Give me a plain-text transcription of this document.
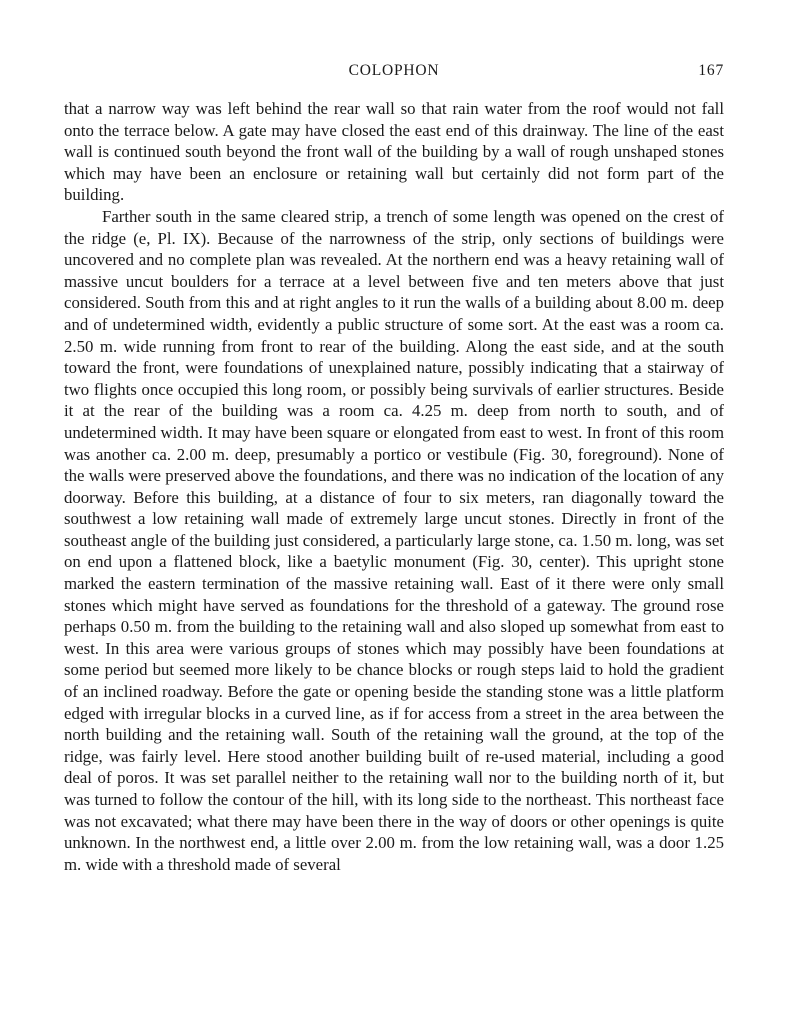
COLOPHON	167

that a narrow way was left behind the rear wall so that rain water from the roof would not fall onto the terrace below. A gate may have closed the east end of this drainway. The line of the east wall is continued south beyond the front wall of the building by a wall of rough unshaped stones which may have been an enclosure or retaining wall but certainly did not form part of the building.

Farther south in the same cleared strip, a trench of some length was opened on the crest of the ridge (e, Pl. IX). Because of the narrowness of the strip, only sections of buildings were uncovered and no complete plan was revealed. At the northern end was a heavy retaining wall of massive uncut boulders for a terrace at a level between five and ten meters above that just considered. South from this and at right angles to it run the walls of a building about 8.00 m. deep and of undetermined width, evidently a public structure of some sort. At the east was a room ca. 2.50 m. wide running from front to rear of the building. Along the east side, and at the south toward the front, were foundations of unexplained nature, possibly indicating that a stairway of two flights once occupied this long room, or possibly being survivals of earlier structures. Beside it at the rear of the building was a room ca. 4.25 m. deep from north to south, and of undetermined width. It may have been square or elongated from east to west. In front of this room was another ca. 2.00 m. deep, presumably a portico or vestibule (Fig. 30, foreground). None of the walls were preserved above the foundations, and there was no indication of the location of any doorway. Before this building, at a distance of four to six meters, ran diagonally toward the southwest a low retaining wall made of extremely large uncut stones. Directly in front of the southeast angle of the building just considered, a particularly large stone, ca. 1.50 m. long, was set on end upon a flattened block, like a baetylic monument (Fig. 30, center). This upright stone marked the eastern termination of the massive retaining wall. East of it there were only small stones which might have served as foundations for the threshold of a gateway. The ground rose perhaps 0.50 m. from the building to the retaining wall and also sloped up somewhat from east to west. In this area were various groups of stones which may possibly have been foundations at some period but seemed more likely to be chance blocks or rough steps laid to hold the gradient of an inclined roadway. Before the gate or opening beside the standing stone was a little platform edged with irregular blocks in a curved line, as if for access from a street in the area between the north building and the retaining wall. South of the retaining wall the ground, at the top of the ridge, was fairly level. Here stood another building built of re-used material, including a good deal of poros. It was set parallel neither to the retaining wall nor to the building north of it, but was turned to follow the contour of the hill, with its long side to the northeast. This northeast face was not excavated; what there may have been there in the way of doors or other openings is quite unknown. In the northwest end, a little over 2.00 m. from the low retaining wall, was a door 1.25 m. wide with a threshold made of several
